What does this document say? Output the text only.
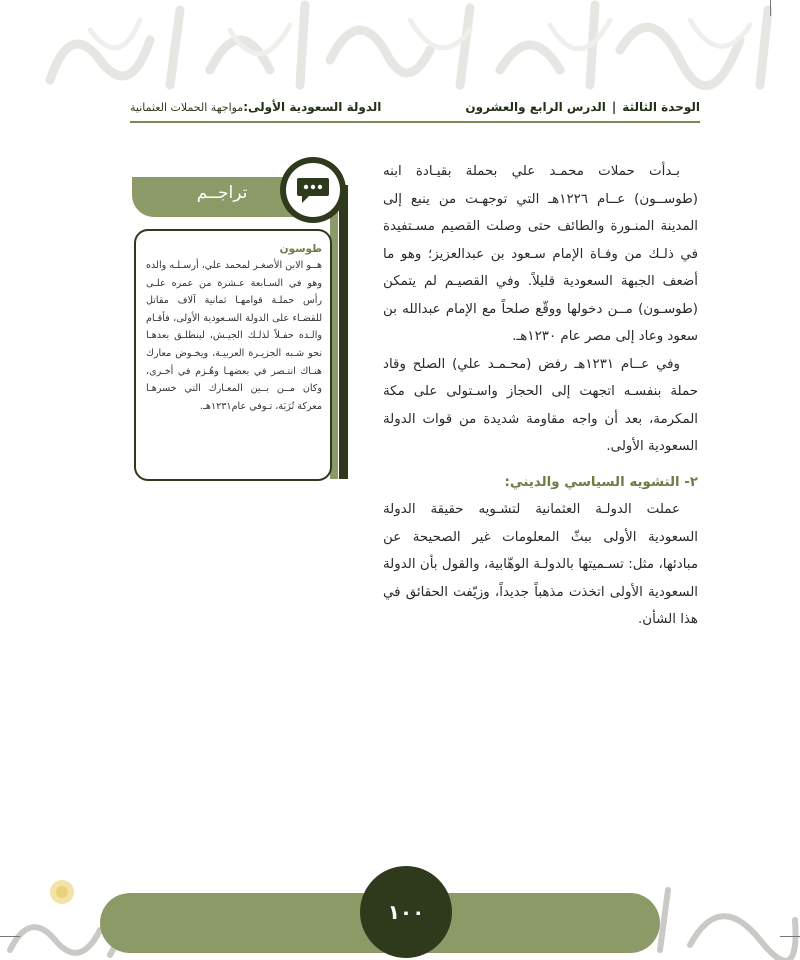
الوحدة الثالثة
|
الدرس الرابع والعشرون
الدولة السعودية الأولى:
مواجهة الحملات العثمانية

بـدأت حملات محمـد علي بحملة بقيـادة ابنه (طوســون) عــام ١٢٢٦هـ التي توجهـت من ينبع إلى المدينة المنـورة والطائف حتى وصلت القصيم مسـتفيدة في ذلـك من وفـاة الإمام سـعود بن عبدالعزيز؛ وهو ما أضعف الجبهة السعودية قليلاً. وفي القصيـم لم يتمكن (طوسـون) مــن دخولها ووقّع صلحاً مع الإمام عبدالله بن سعود وعاد إلى مصر عام ١٢٣٠هـ.

وفي عــام ١٢٣١هـ رفض (محـمـد علي) الصلح وقاد حملة بنفسـه اتجهت إلى الحجاز واسـتولى على مكة المكرمة، بعد أن واجه مقاومة شديدة من قوات الدولة السعودية الأولى.

٢- التشويه السياسي والديني:

عملت الدولـة العثمانية لتشـويه حقيقة الدولة السعودية الأولى ببثّ المعلومات غير الصحيحة عن مبادئها، مثل: تسـميتها بالدولـة الوهّابية، والقول بأن الدولة السعودية الأولى اتخذت مذهباً جديداً، وزيّفت الحقائق في هذا الشأن.

تراجــم
طوسون
هــو الابن الأصغـر لمحمد علي، أرسـلـه والده وهو في السـابعة عـشرة من عمره علـى رأس حملـة قوامهـا ثمانية آلاف مقاتل للقضـاء على الدولة السـعودية الأولى، فأقـام والـده حفـلاً لذلـك الجيـش، لينطلـق بعدهـا نحو شـبه الجزيـرة العربيـة، ويخـوض معارك هنـاك انتـصر في بعضهـا وهُـزم في أخـرى، وكان مــن بــين المعـارك التي خسرهـا معركة تُرَبَة، تـوفي عام١٢٣١هـ.
١٠٠
